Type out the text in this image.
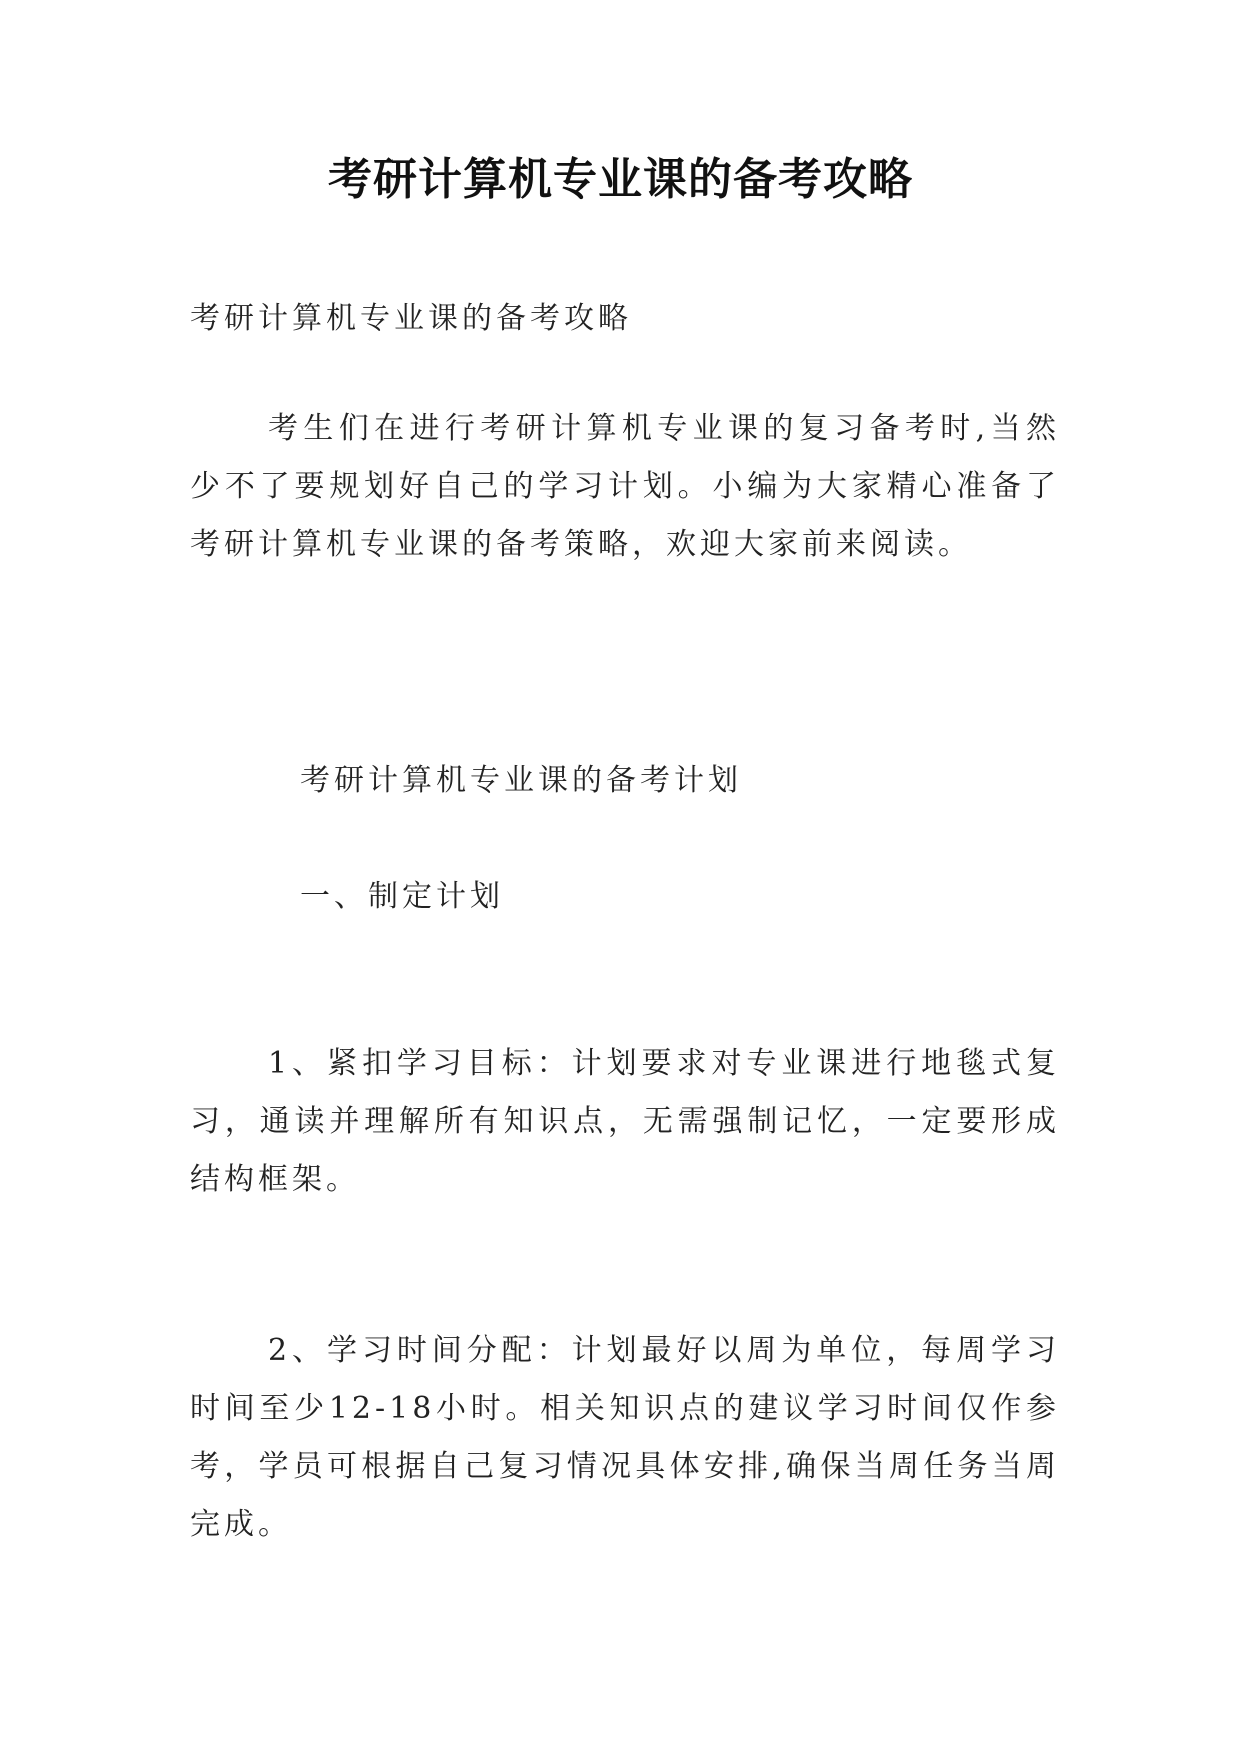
考研计算机专业课的备考攻略

考研计算机专业课的备考攻略

考生们在进行考研计算机专业课的复习备考时,当然少不了要规划好自己的学习计划。小编为大家精心准备了考研计算机专业课的备考策略，欢迎大家前来阅读。

考研计算机专业课的备考计划

一、制定计划

1、紧扣学习目标：计划要求对专业课进行地毯式复习，通读并理解所有知识点，无需强制记忆，一定要形成结构框架。

2、学习时间分配：计划最好以周为单位，每周学习时间至少12-18小时。相关知识点的建议学习时间仅作参考，学员可根据自己复习情况具体安排,确保当周任务当周完成。
